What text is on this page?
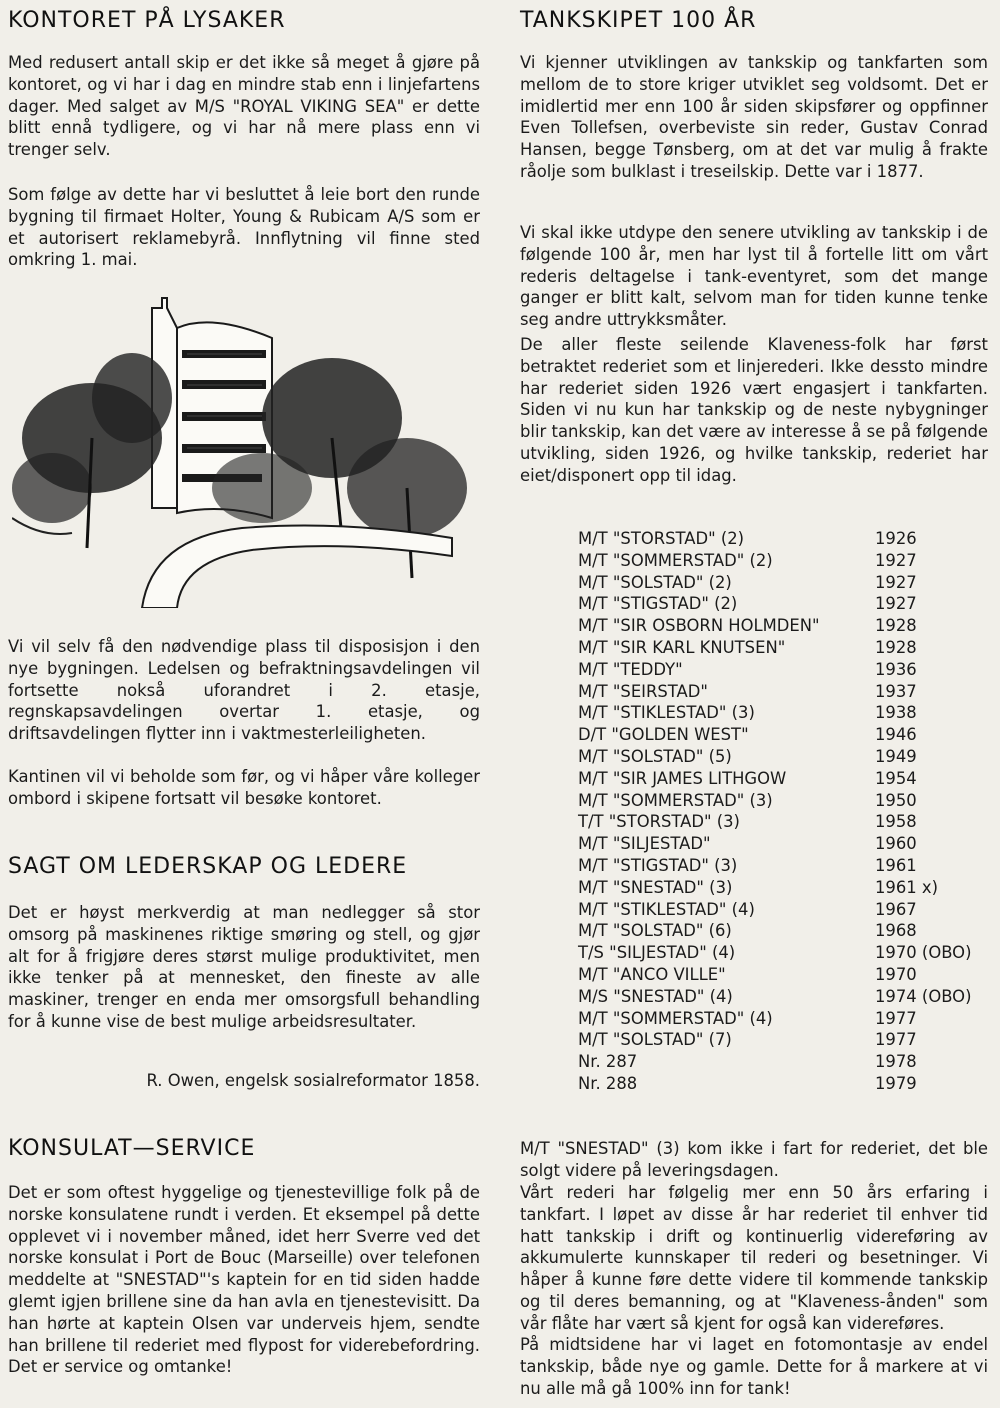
KONTORET PÅ LYSAKER

Med redusert antall skip er det ikke så meget å gjøre på kontoret, og vi har i dag en mindre stab enn i linjefartens dager. Med salget av M/S "ROYAL VIKING SEA" er dette blitt ennå tydligere, og vi har nå mere plass enn vi trenger selv.

Som følge av dette har vi besluttet å leie bort den runde bygning til firmaet Holter, Young & Rubicam A/S som er et autorisert reklamebyrå. Innflytning vil finne sted omkring 1. mai.

Vi vil selv få den nødvendige plass til disposisjon i den nye bygningen. Ledelsen og befraktningsavdelingen vil fortsette nokså uforandret i 2. etasje, regnskapsavdelingen overtar 1. etasje, og driftsavdelingen flytter inn i vaktmesterleiligheten.

Kantinen vil vi beholde som før, og vi håper våre kolleger ombord i skipene fortsatt vil besøke kontoret.

SAGT OM LEDERSKAP OG LEDERE

Det er høyst merkverdig at man nedlegger så stor omsorg på maskinenes riktige smøring og stell, og gjør alt for å frigjøre deres størst mulige produktivitet, men ikke tenker på at mennesket, den fineste av alle maskiner, trenger en enda mer omsorgsfull behandling for å kunne vise de best mulige arbeidsresultater.

R. Owen, engelsk sosialreformator 1858.

KONSULAT—SERVICE

Det er som oftest hyggelige og tjenestevillige folk på de norske konsulatene rundt i verden. Et eksempel på dette opplevet vi i november måned, idet herr Sverre ved det norske konsulat i Port de Bouc (Marseille) over telefonen meddelte at "SNESTAD"'s kaptein for en tid siden hadde glemt igjen brillene sine da han avla en tjenestevisitt. Da han hørte at kaptein Olsen var underveis hjem, sendte han brillene til rederiet med flypost for viderebefordring. Det er service og omtanke!

TANKSKIPET 100 ÅR

Vi kjenner utviklingen av tankskip og tankfarten som mellom de to store kriger utviklet seg voldsomt. Det er imidlertid mer enn 100 år siden skipsfører og oppfinner Even Tollefsen, overbeviste sin reder, Gustav Conrad Hansen, begge Tønsberg, om at det var mulig å frakte råolje som bulklast i treseilskip. Dette var i 1877.

Vi skal ikke utdype den senere utvikling av tankskip i de følgende 100 år, men har lyst til å fortelle litt om vårt rederis deltagelse i tank-eventyret, som det mange ganger er blitt kalt, selvom man for tiden kunne tenke seg andre uttrykksmåter.

De aller fleste seilende Klaveness-folk har først betraktet rederiet som et linjerederi. Ikke dessto mindre har rederiet siden 1926 vært engasjert i tankfarten. Siden vi nu kun har tankskip og de neste nybygninger blir tankskip, kan det være av interesse å se på følgende utvikling, siden 1926, og hvilke tankskip, rederiet har eiet/disponert opp til idag.

M/T "STORSTAD" (2)	1926
M/T "SOMMERSTAD" (2)	1927
M/T "SOLSTAD" (2)	1927
M/T "STIGSTAD" (2)	1927
M/T "SIR OSBORN HOLMDEN"	1928
M/T "SIR KARL KNUTSEN"	1928
M/T "TEDDY"	1936
M/T "SEIRSTAD"	1937
M/T "STIKLESTAD" (3)	1938
D/T "GOLDEN WEST"	1946
M/T "SOLSTAD" (5)	1949
M/T "SIR JAMES LITHGOW	1954
M/T "SOMMERSTAD" (3)	1950
T/T "STORSTAD" (3)	1958
M/T "SILJESTAD"	1960
M/T "STIGSTAD" (3)	1961
M/T "SNESTAD" (3)	1961 x)
M/T "STIKLESTAD" (4)	1967
M/T "SOLSTAD" (6)	1968
T/S "SILJESTAD" (4)	1970 (OBO)
M/T "ANCO VILLE"	1970
M/S "SNESTAD" (4)	1974 (OBO)
M/T "SOMMERSTAD" (4)	1977
M/T "SOLSTAD" (7)	1977
Nr. 287	1978
Nr. 288	1979

M/T "SNESTAD" (3) kom ikke i fart for rederiet, det ble solgt videre på leveringsdagen.

Vårt rederi har følgelig mer enn 50 års erfaring i tankfart. I løpet av disse år har rederiet til enhver tid hatt tankskip i drift og kontinuerlig videreføring av akkumulerte kunnskaper til rederi og besetninger. Vi håper å kunne føre dette videre til kommende tankskip og til deres bemanning, og at "Klaveness-ånden" som vår flåte har vært så kjent for også kan videreføres.

På midtsidene har vi laget en fotomontasje av endel tankskip, både nye og gamle. Dette for å markere at vi nu alle må gå 100% inn for tank!
